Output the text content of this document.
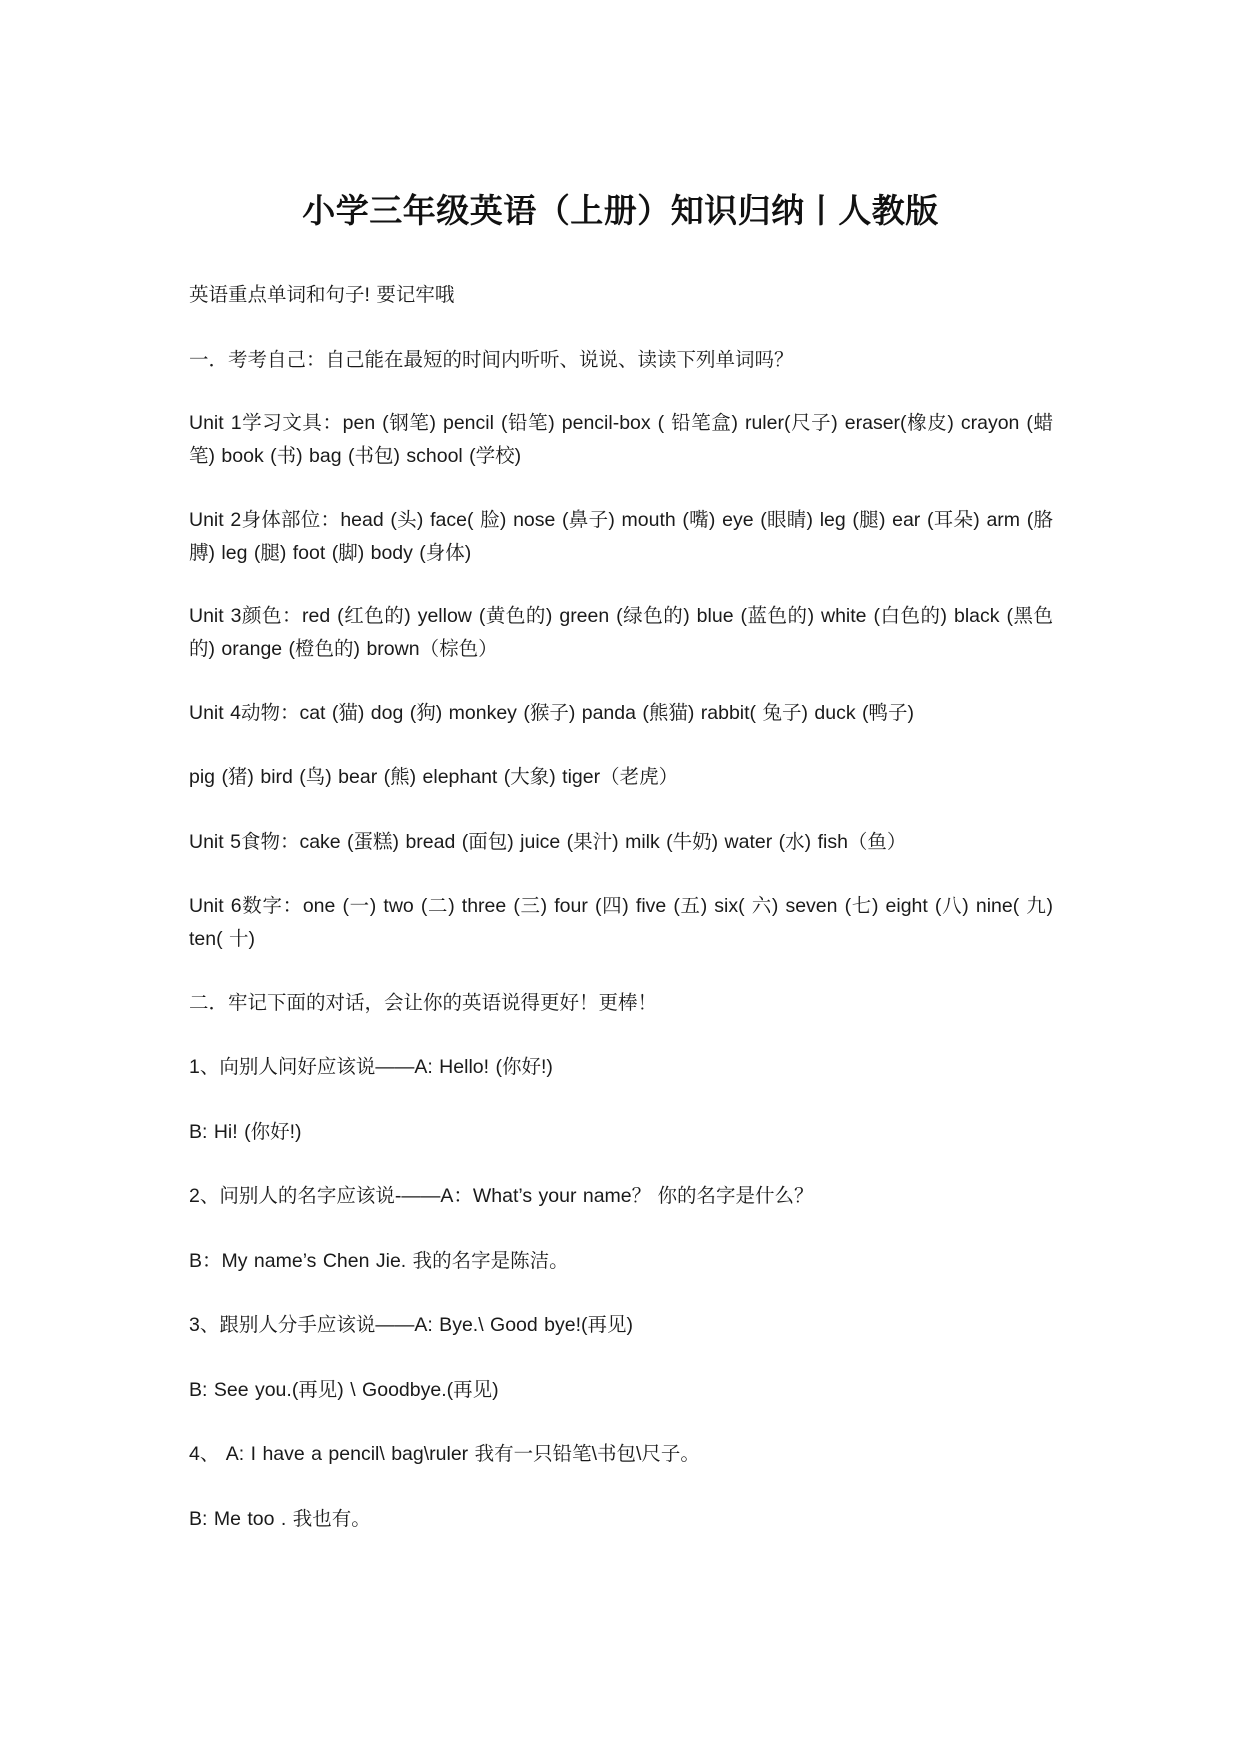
小学三年级英语（上册）知识归纳丨人教版
英语重点单词和句子! 要记牢哦
一．考考自己：自己能在最短的时间内听听、说说、读读下列单词吗？
Unit 1学习文具：pen (钢笔) pencil (铅笔) pencil-box ( 铅笔盒) ruler(尺子) eraser(橡皮) crayon (蜡笔) book (书) bag (书包) school (学校)
Unit 2身体部位：head (头) face( 脸) nose (鼻子) mouth (嘴) eye (眼睛) leg (腿) ear (耳朵) arm (胳膊) leg (腿) foot (脚) body (身体)
Unit 3颜色：red (红色的) yellow (黄色的) green (绿色的) blue (蓝色的) white (白色的) black (黑色的) orange (橙色的) brown（棕色）
Unit 4动物：cat (猫) dog (狗) monkey (猴子) panda (熊猫) rabbit( 兔子) duck (鸭子)
pig (猪) bird (鸟) bear (熊) elephant (大象) tiger（老虎）
Unit 5食物：cake (蛋糕) bread (面包) juice (果汁) milk (牛奶) water (水) fish（鱼）
Unit 6数字：one (一) two (二) three (三) four (四) five (五) six( 六) seven (七) eight (八) nine( 九) ten( 十)
二．牢记下面的对话，会让你的英语说得更好！更棒！
1、向别人问好应该说——A: Hello! (你好!)
B: Hi! (你好!)
2、问别人的名字应该说-——A：What’s your name？ 你的名字是什么？
B：My name’s Chen Jie. 我的名字是陈洁。
3、跟别人分手应该说——A: Bye.\ Good bye!(再见)
B: See you.(再见) \ Goodbye.(再见)
4、 A: I have a pencil\ bag\ruler 我有一只铅笔\书包\尺子。
B: Me too . 我也有。
